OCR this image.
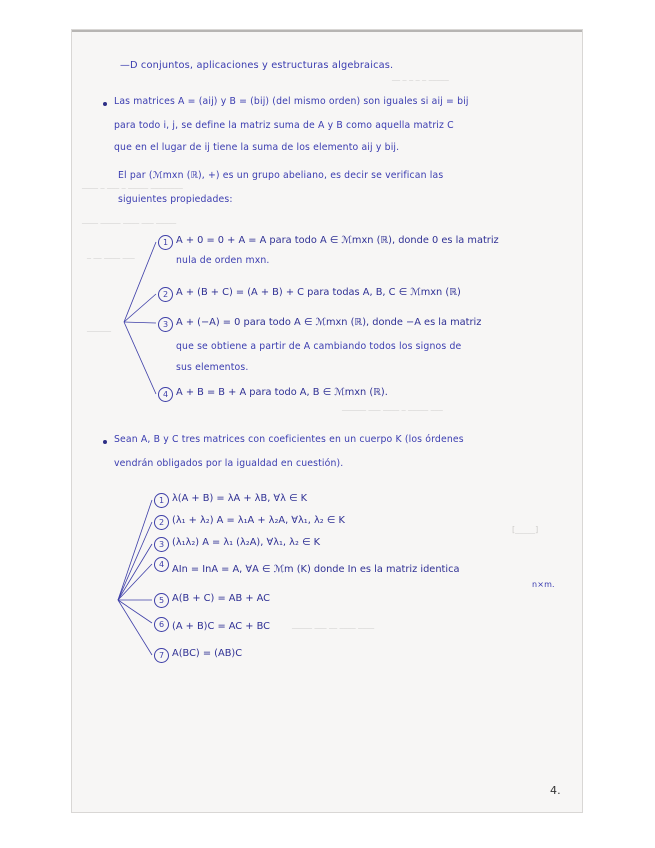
__ _ _ _ _ _____
____ _ ___ _ _____ ________
____ _____ ____ ___ _____
_ __ ____ ___
______
______ ___ ____ _ _____ ___
[_____]
_____ ___ __ ____ ____
—D conjuntos, aplicaciones y estructuras algebraicas.
Las matrices A = (aij) y B = (bij) (del mismo orden) son iguales si aij = bij
para todo i, j, se define la matriz suma de A y B como aquella matriz C
que en el lugar de ij tiene la suma de los elemento aij y bij.
El par (ℳmxn (ℝ), +) es un grupo abeliano, es decir se verifican las
siguientes propiedades:
1 A + 0 = 0 + A = A para todo A ∈ ℳmxn (ℝ), donde 0 es la matriz
nula de orden mxn.
2 A + (B + C) = (A + B) + C para todas A, B, C ∈ ℳmxn (ℝ)
3 A + (−A) = 0 para todo A ∈ ℳmxn (ℝ), donde −A es la matriz
que se obtiene a partir de A cambiando todos los signos de
sus elementos.
4 A + B = B + A para todo A, B ∈ ℳmxn (ℝ).
Sean A, B y C tres matrices con coeficientes en un cuerpo K (los órdenes
vendrán obligados por la igualdad en cuestión).
1 λ(A + B) = λA + λB, ∀λ ∈ K
2 (λ₁ + λ₂) A = λ₁A + λ₂A, ∀λ₁, λ₂ ∈ K
3 (λ₁λ₂) A = λ₁ (λ₂A), ∀λ₁, λ₂ ∈ K
4 AIn = InA = A, ∀A ∈ ℳm (K) donde In es la matriz identica
n×m.
5 A(B + C) = AB + AC
6 (A + B)C = AC + BC
7 A(BC) = (AB)C
4.
